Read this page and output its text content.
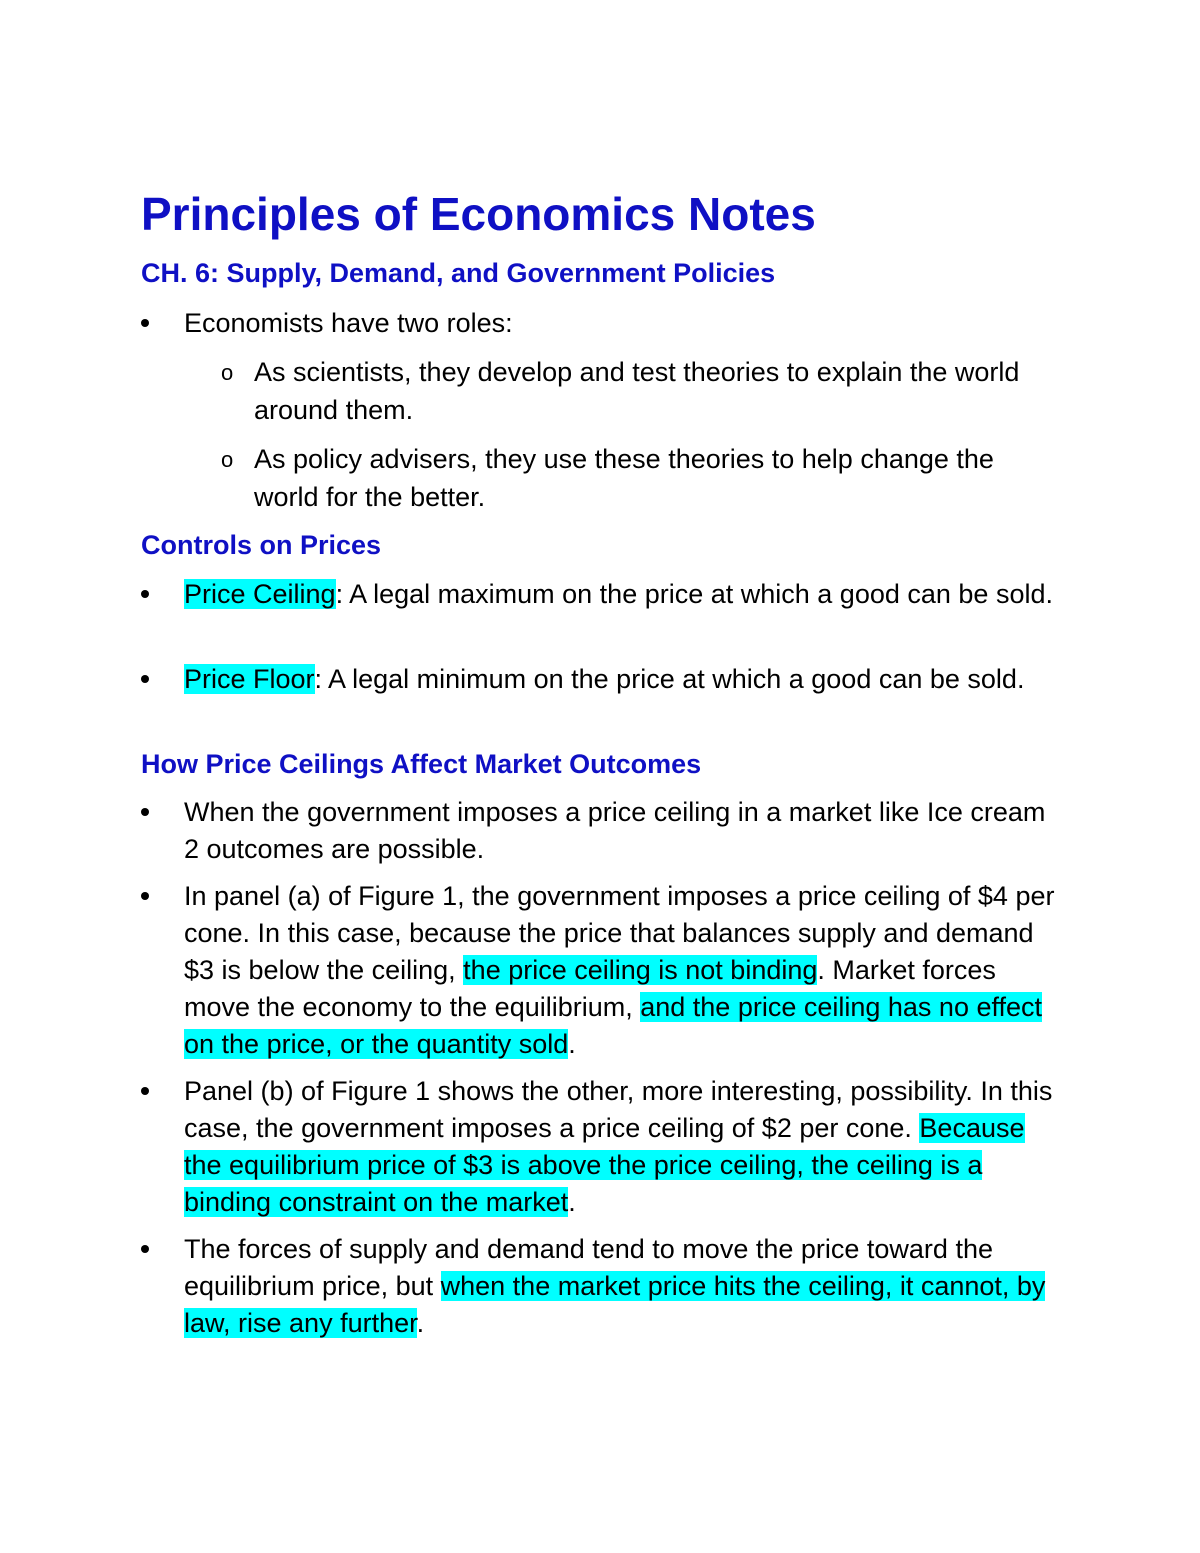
Principles of Economics Notes
CH. 6: Supply, Demand, and Government Policies

Economists have two roles:

o As scientists, they develop and test theories to explain the world around them.

o As policy advisers, they use these theories to help change the world for the better.

Controls on Prices

Price Ceiling: A legal maximum on the price at which a good can be sold.

Price Floor: A legal minimum on the price at which a good can be sold.

How Price Ceilings Affect Market Outcomes

When the government imposes a price ceiling in a market like Ice cream 2 outcomes are possible.

In panel (a) of Figure 1, the government imposes a price ceiling of $4 per cone. In this case, because the price that balances supply and demand $3 is below the ceiling, the price ceiling is not binding. Market forces move the economy to the equilibrium, and the price ceiling has no effect on the price, or the quantity sold.

Panel (b) of Figure 1 shows the other, more interesting, possibility. In this case, the government imposes a price ceiling of $2 per cone. Because the equilibrium price of $3 is above the price ceiling, the ceiling is a binding constraint on the market.

The forces of supply and demand tend to move the price toward the equilibrium price, but when the market price hits the ceiling, it cannot, by law, rise any further.
